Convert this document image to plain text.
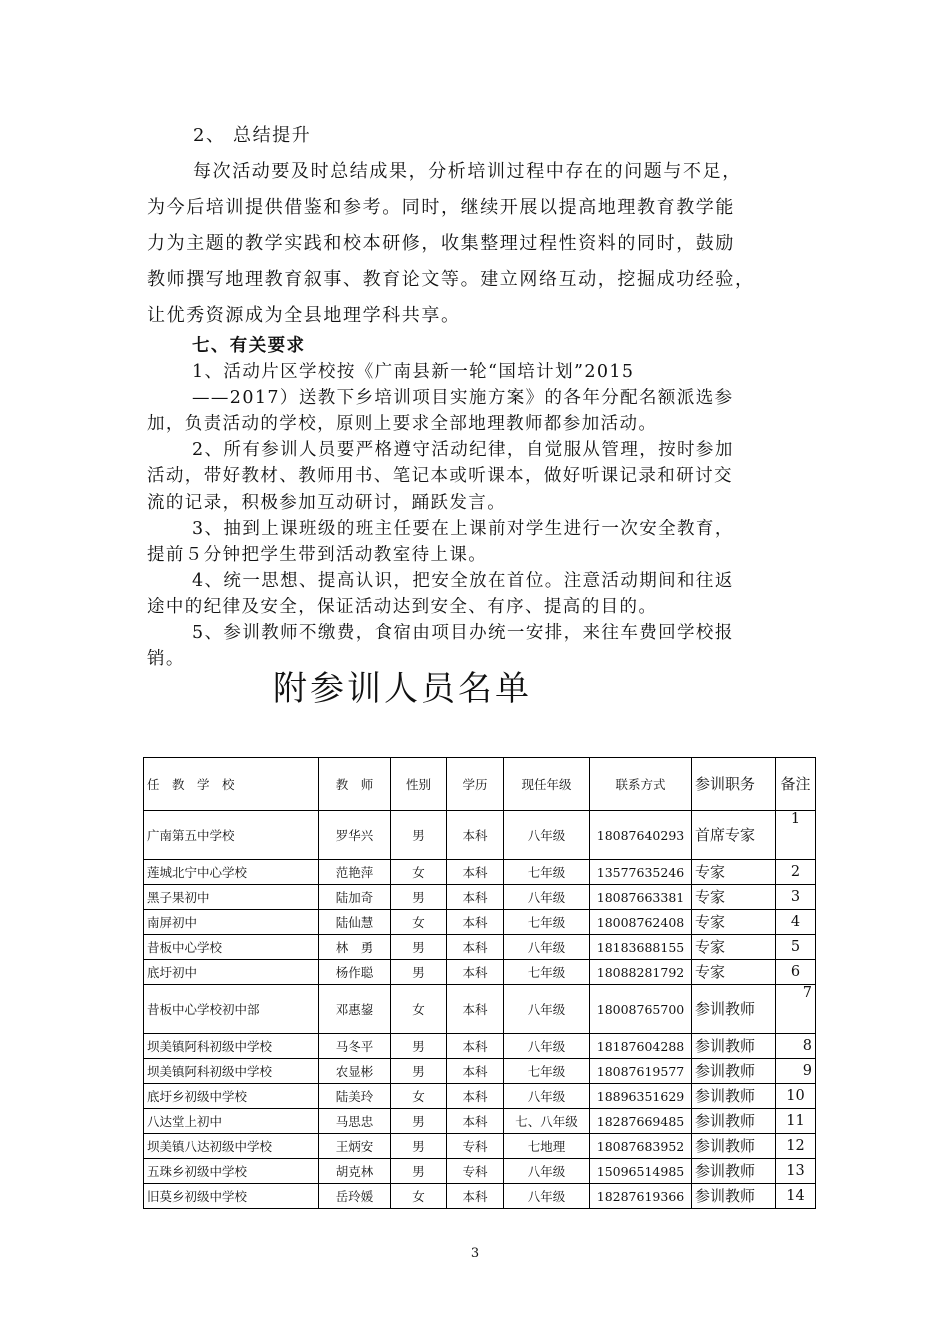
2、 总结提升
每次活动要及时总结成果，分析培训过程中存在的问题与不足，
为今后培训提供借鉴和参考。同时，继续开展以提高地理教育教学能
力为主题的教学实践和校本研修，收集整理过程性资料的同时，鼓励
教师撰写地理教育叙事、教育论文等。建立网络互动，挖掘成功经验，
让优秀资源成为全县地理学科共享。
七、有关要求
1、活动片区学校按《广南县新一轮“国培计划”2015
——2017）送教下乡培训项目实施方案》的各年分配名额派选参
加，负责活动的学校，原则上要求全部地理教师都参加活动。
2、所有参训人员要严格遵守活动纪律，自觉服从管理，按时参加
活动，带好教材、教师用书、笔记本或听课本，做好听课记录和研讨交
流的记录，积极参加互动研讨，踊跃发言。
3、抽到上课班级的班主任要在上课前对学生进行一次安全教育，
提前５分钟把学生带到活动教室待上课。
4、统一思想、提高认识，把安全放在首位。注意活动期间和往返
途中的纪律及安全，保证活动达到安全、有序、提高的目的。
5、参训教师不缴费，食宿由项目办统一安排，来往车费回学校报
销。
附参训人员名单
任　教　学　校	教　师	性别	学历	现任年级	联系方式	参训职务	备注
广南第五中学校	罗华兴	男	本科	八年级	18087640293	首席专家	1
莲城北宁中心学校	范艳萍	女	本科	七年级	13577635246	专家	2
黑子果初中	陆加奇	男	本科	八年级	18087663381	专家	3
南屏初中	陆仙慧	女	本科	七年级	18008762408	专家	4
昔板中心学校	林　勇	男	本科	八年级	18183688155	专家	5
底圩初中	杨作聪	男	本科	七年级	18088281792	专家	6
昔板中心学校初中部	邓惠鋆	女	本科	八年级	18008765700	参训教师	7
坝美镇阿科初级中学校	马冬平	男	本科	八年级	18187604288	参训教师	8
坝美镇阿科初级中学校	农显彬	男	本科	七年级	18087619577	参训教师	9
底圩乡初级中学校	陆美玲	女	本科	八年级	18896351629	参训教师	10
八达堂上初中	马思忠	男	本科	七、八年级	18287669485	参训教师	11
坝美镇八达初级中学校	王炳安	男	专科	七地理	18087683952	参训教师	12
五珠乡初级中学校	胡克林	男	专科	八年级	15096514985	参训教师	13
旧莫乡初级中学校	岳玲媛	女	本科	八年级	18287619366	参训教师	14
3
